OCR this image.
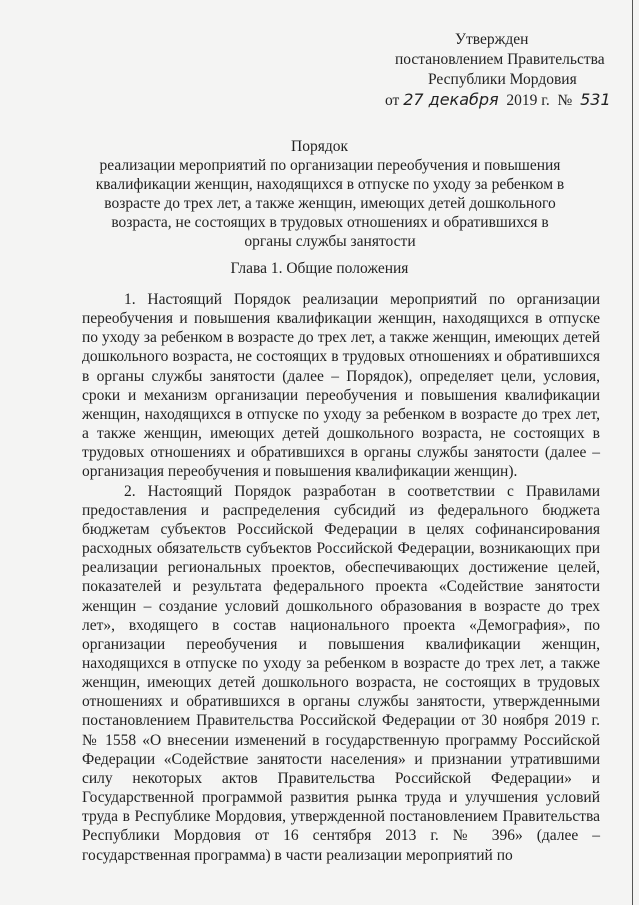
Утвержден
постановлением Правительства
Республики Мордовия
от 27 декабря 2019 г. № 531
Порядок
реализации мероприятий по организации переобучения и повышения квалификации женщин, находящихся в отпуске по уходу за ребенком в возрасте до трех лет, а также женщин, имеющих детей дошкольного возраста, не состоящих в трудовых отношениях и обратившихся в органы службы занятости
Глава 1. Общие положения

1. Настоящий Порядок реализации мероприятий по организации переобучения и повышения квалификации женщин, находящихся в отпуске по уходу за ребенком в возрасте до трех лет, а также женщин, имеющих детей дошкольного возраста, не состоящих в трудовых отношениях и обратившихся в органы службы занятости (далее – Порядок), определяет цели, условия, сроки и механизм организации переобучения и повышения квалификации женщин, находящихся в отпуске по уходу за ребенком в возрасте до трех лет, а также женщин, имеющих детей дошкольного возраста, не состоящих в трудовых отношениях и обратившихся в органы службы занятости (далее – организация переобучения и повышения квалификации женщин).

2. Настоящий Порядок разработан в соответствии с Правилами предоставления и распределения субсидий из федерального бюджета бюджетам субъектов Российской Федерации в целях софинансирования расходных обязательств субъектов Российской Федерации, возникающих при реализации региональных проектов, обеспечивающих достижение целей, показателей и результата федерального проекта «Содействие занятости женщин – создание условий дошкольного образования в возрасте до трех лет», входящего в состав национального проекта «Демография», по организации переобучения и повышения квалификации женщин, находящихся в отпуске по уходу за ребенком в возрасте до трех лет, а также женщин, имеющих детей дошкольного возраста, не состоящих в трудовых отношениях и обратившихся в органы службы занятости, утвержденными постановлением Правительства Российской Федерации от 30 ноября 2019 г. № 1558 «О внесении изменений в государственную программу Российской Федерации «Содействие занятости населения» и признании утратившими силу некоторых актов Правительства Российской Федерации» и Государственной программой развития рынка труда и улучшения условий труда в Республике Мордовия, утвержденной постановлением Правительства Республики Мордовия от 16 сентября 2013 г. № 396» (далее – государственная программа) в части реализации мероприятий по
